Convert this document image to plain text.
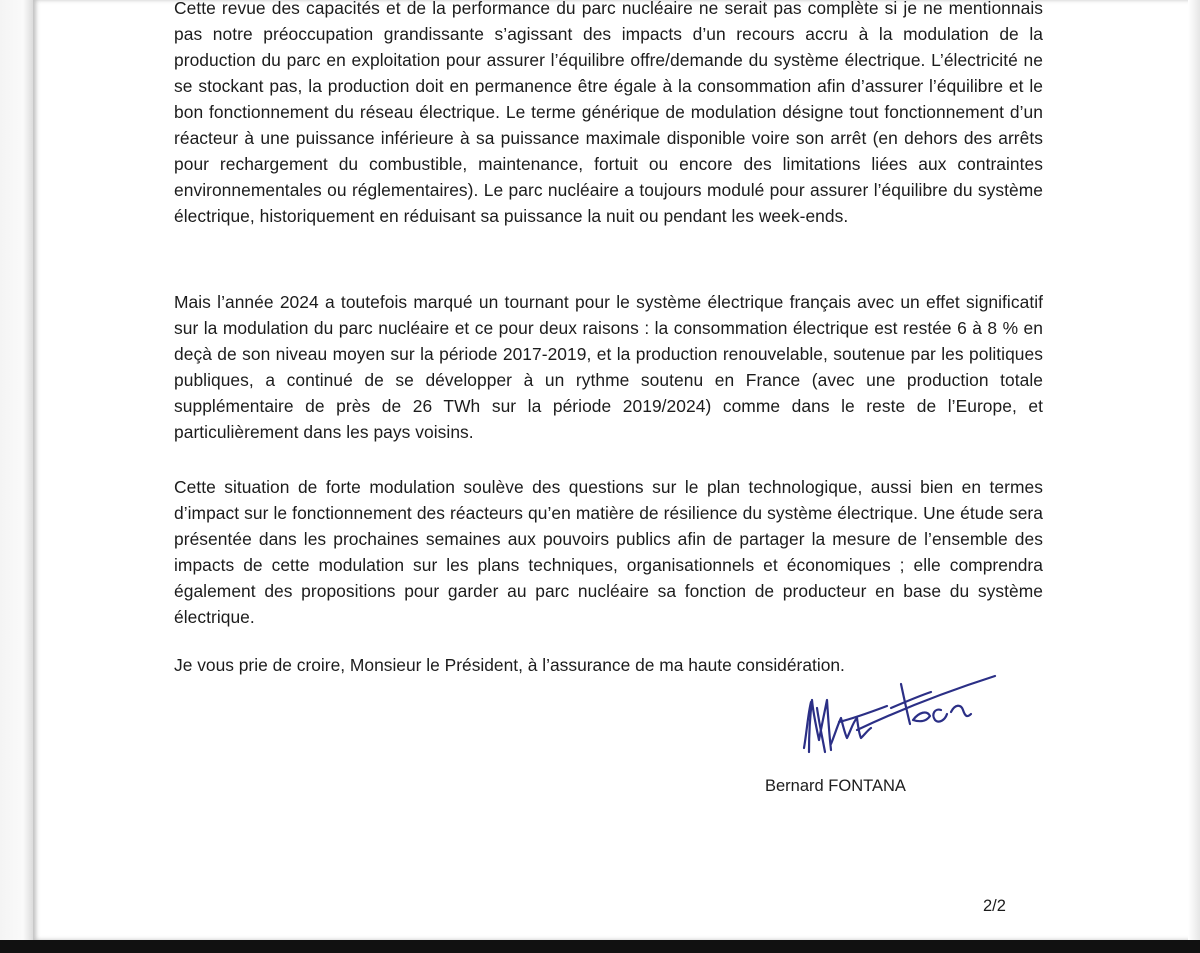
Cette revue des capacités et de la performance du parc nucléaire ne serait pas complète si je ne mentionnais pas notre préoccupation grandissante s’agissant des impacts d’un recours accru à la modulation de la production du parc en exploitation pour assurer l’équilibre offre/demande du système électrique. L’électricité ne se stockant pas, la production doit en permanence être égale à la consommation afin d’assurer l’équilibre et le bon fonctionnement du réseau électrique. Le terme générique de modulation désigne tout fonctionnement d’un réacteur à une puissance inférieure à sa puissance maximale disponible voire son arrêt (en dehors des arrêts pour rechargement du combustible, maintenance, fortuit ou encore des limitations liées aux contraintes environnementales ou réglementaires). Le parc nucléaire a toujours modulé pour assurer l’équilibre du système électrique, historiquement en réduisant sa puissance la nuit ou pendant les week-ends.

Mais l’année 2024 a toutefois marqué un tournant pour le système électrique français avec un effet significatif sur la modulation du parc nucléaire et ce pour deux raisons : la consommation électrique est restée 6 à 8 % en deçà de son niveau moyen sur la période 2017-2019, et la production renouvelable, soutenue par les politiques publiques, a continué de se développer à un rythme soutenu en France (avec une production totale supplémentaire de près de 26 TWh sur la période 2019/2024) comme dans le reste de l’Europe, et particulièrement dans les pays voisins.

Cette situation de forte modulation soulève des questions sur le plan technologique, aussi bien en termes d’impact sur le fonctionnement des réacteurs qu’en matière de résilience du système électrique. Une étude sera présentée dans les prochaines semaines aux pouvoirs publics afin de partager la mesure de l’ensemble des impacts de cette modulation sur les plans techniques, organisationnels et économiques ; elle comprendra également des propositions pour garder au parc nucléaire sa fonction de producteur en base du système électrique.

Je vous prie de croire, Monsieur le Président, à l’assurance de ma haute considération.

Bernard FONTANA

2/2
